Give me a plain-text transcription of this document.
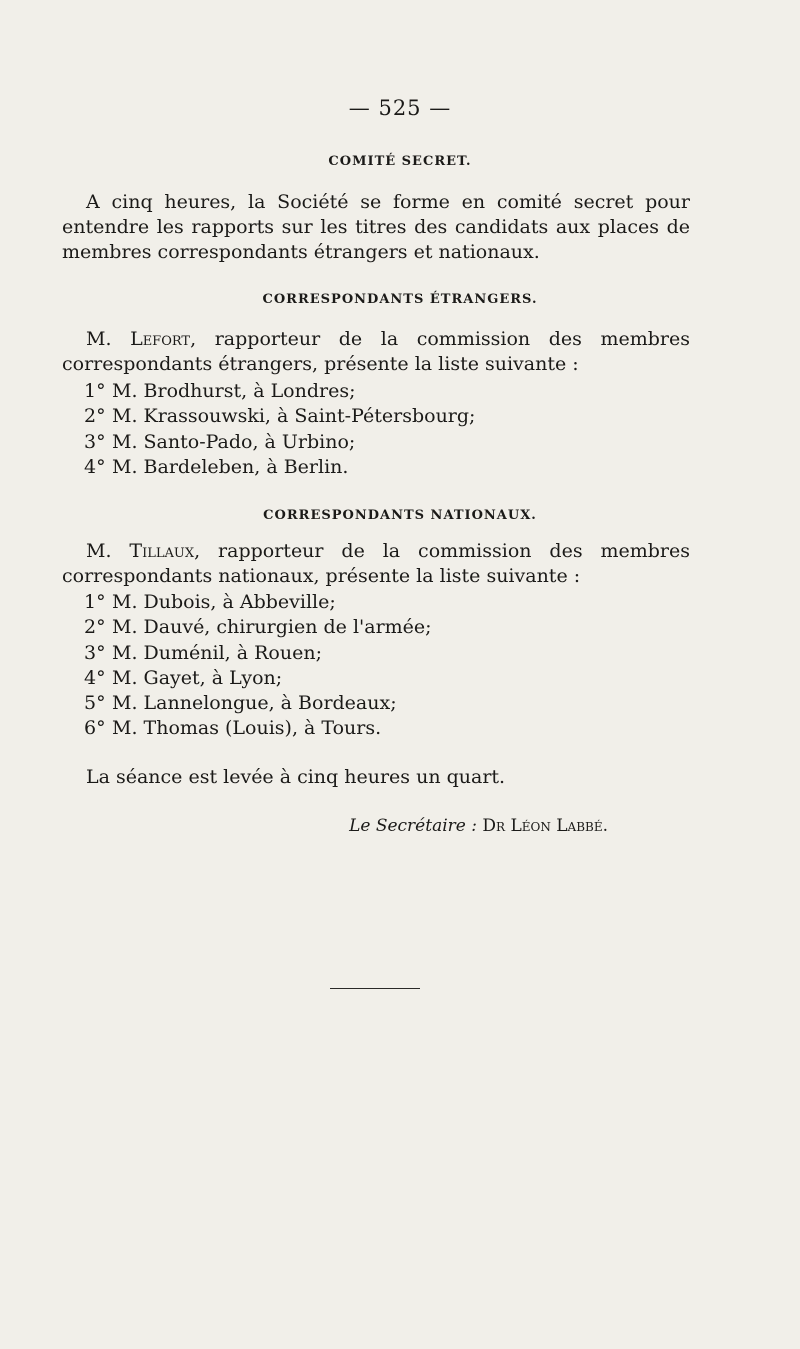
— 525 —
COMITÉ SECRET.

A cinq heures, la Société se forme en comité secret pour entendre les rapports sur les titres des candidats aux places de membres correspondants étrangers et nationaux.

CORRESPONDANTS ÉTRANGERS.

M. Lefort, rapporteur de la commission des membres correspondants étrangers, présente la liste suivante :

1° M. Brodhurst, à Londres;
2° M. Krassouwski, à Saint-Pétersbourg;
3° M. Santo-Pado, à Urbino;
4° M. Bardeleben, à Berlin.
CORRESPONDANTS NATIONAUX.

M. Tillaux, rapporteur de la commission des membres correspondants nationaux, présente la liste suivante :

1° M. Dubois, à Abbeville;
2° M. Dauvé, chirurgien de l'armée;
3° M. Duménil, à Rouen;
4° M. Gayet, à Lyon;
5° M. Lannelongue, à Bordeaux;
6° M. Thomas (Louis), à Tours.
La séance est levée à cinq heures un quart.
Le Secrétaire : Dr Léon Labbé.
